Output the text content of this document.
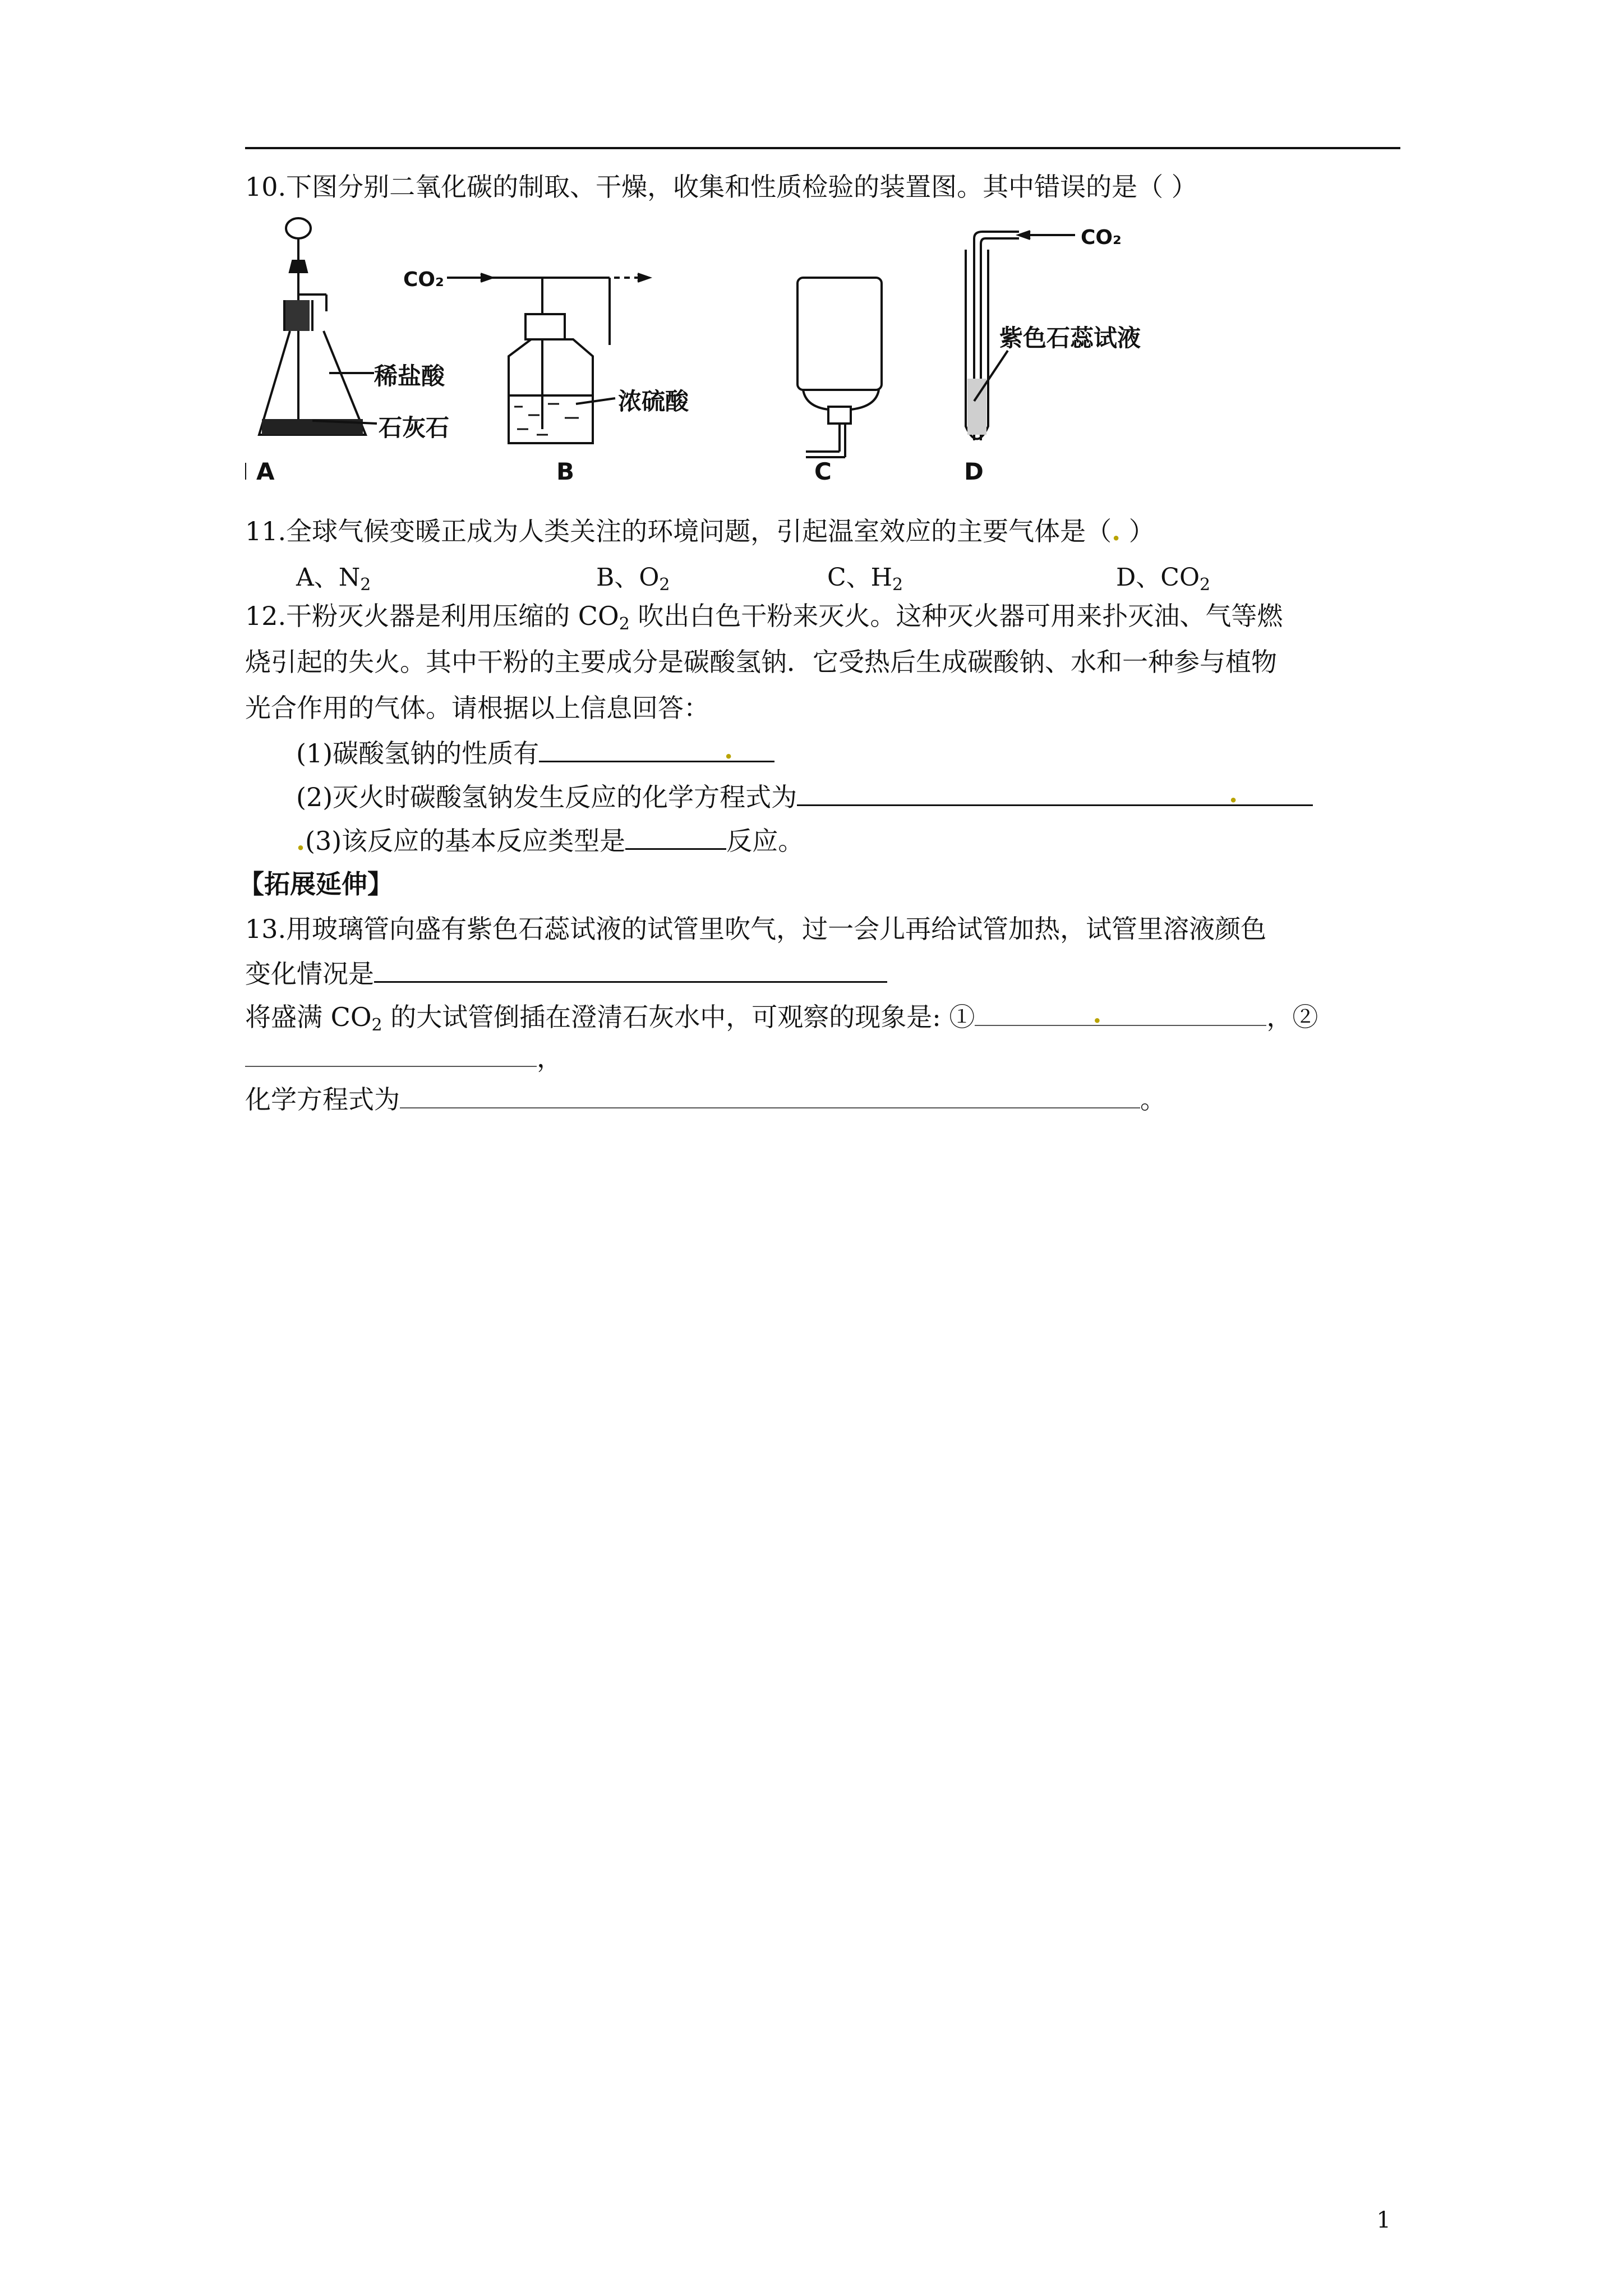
10.下图分别二氧化碳的制取、干燥，收集和性质检验的装置图。其中错误的是（ ）
A
稀盐酸
石灰石
CO₂
浓硫酸
B	C
CO₂
紫色石蕊试液
D
11.全球气候变暖正成为人类关注的环境问题，引起温室效应的主要气体是（. ）
A、$N_2$	B、$O_2$	C、$H_2$	D、$CO_2$
12.干粉灭火器是利用压缩的 $CO_2$ 吹出白色干粉来灭火。这种灭火器可用来扑灭油、气等燃
烧引起的失火。其中干粉的主要成分是碳酸氢钠．它受热后生成碳酸钠、水和一种参与植物
光合作用的气体。请根据以上信息回答：
(1)碳酸氢钠的性质有	.
(2)灭火时碳酸氢钠发生反应的化学方程式为	.
.(3)该反应的基本反应类型是	反应。
【拓展延伸】
13.用玻璃管向盛有紫色石蕊试液的试管里吹气，过一会儿再给试管加热，试管里溶液颜色
变化情况是
将盛满 $CO_2$ 的大试管倒插在澄清石灰水中，可观察的现象是: ①	.	，②
，
化学方程式为	。
1
